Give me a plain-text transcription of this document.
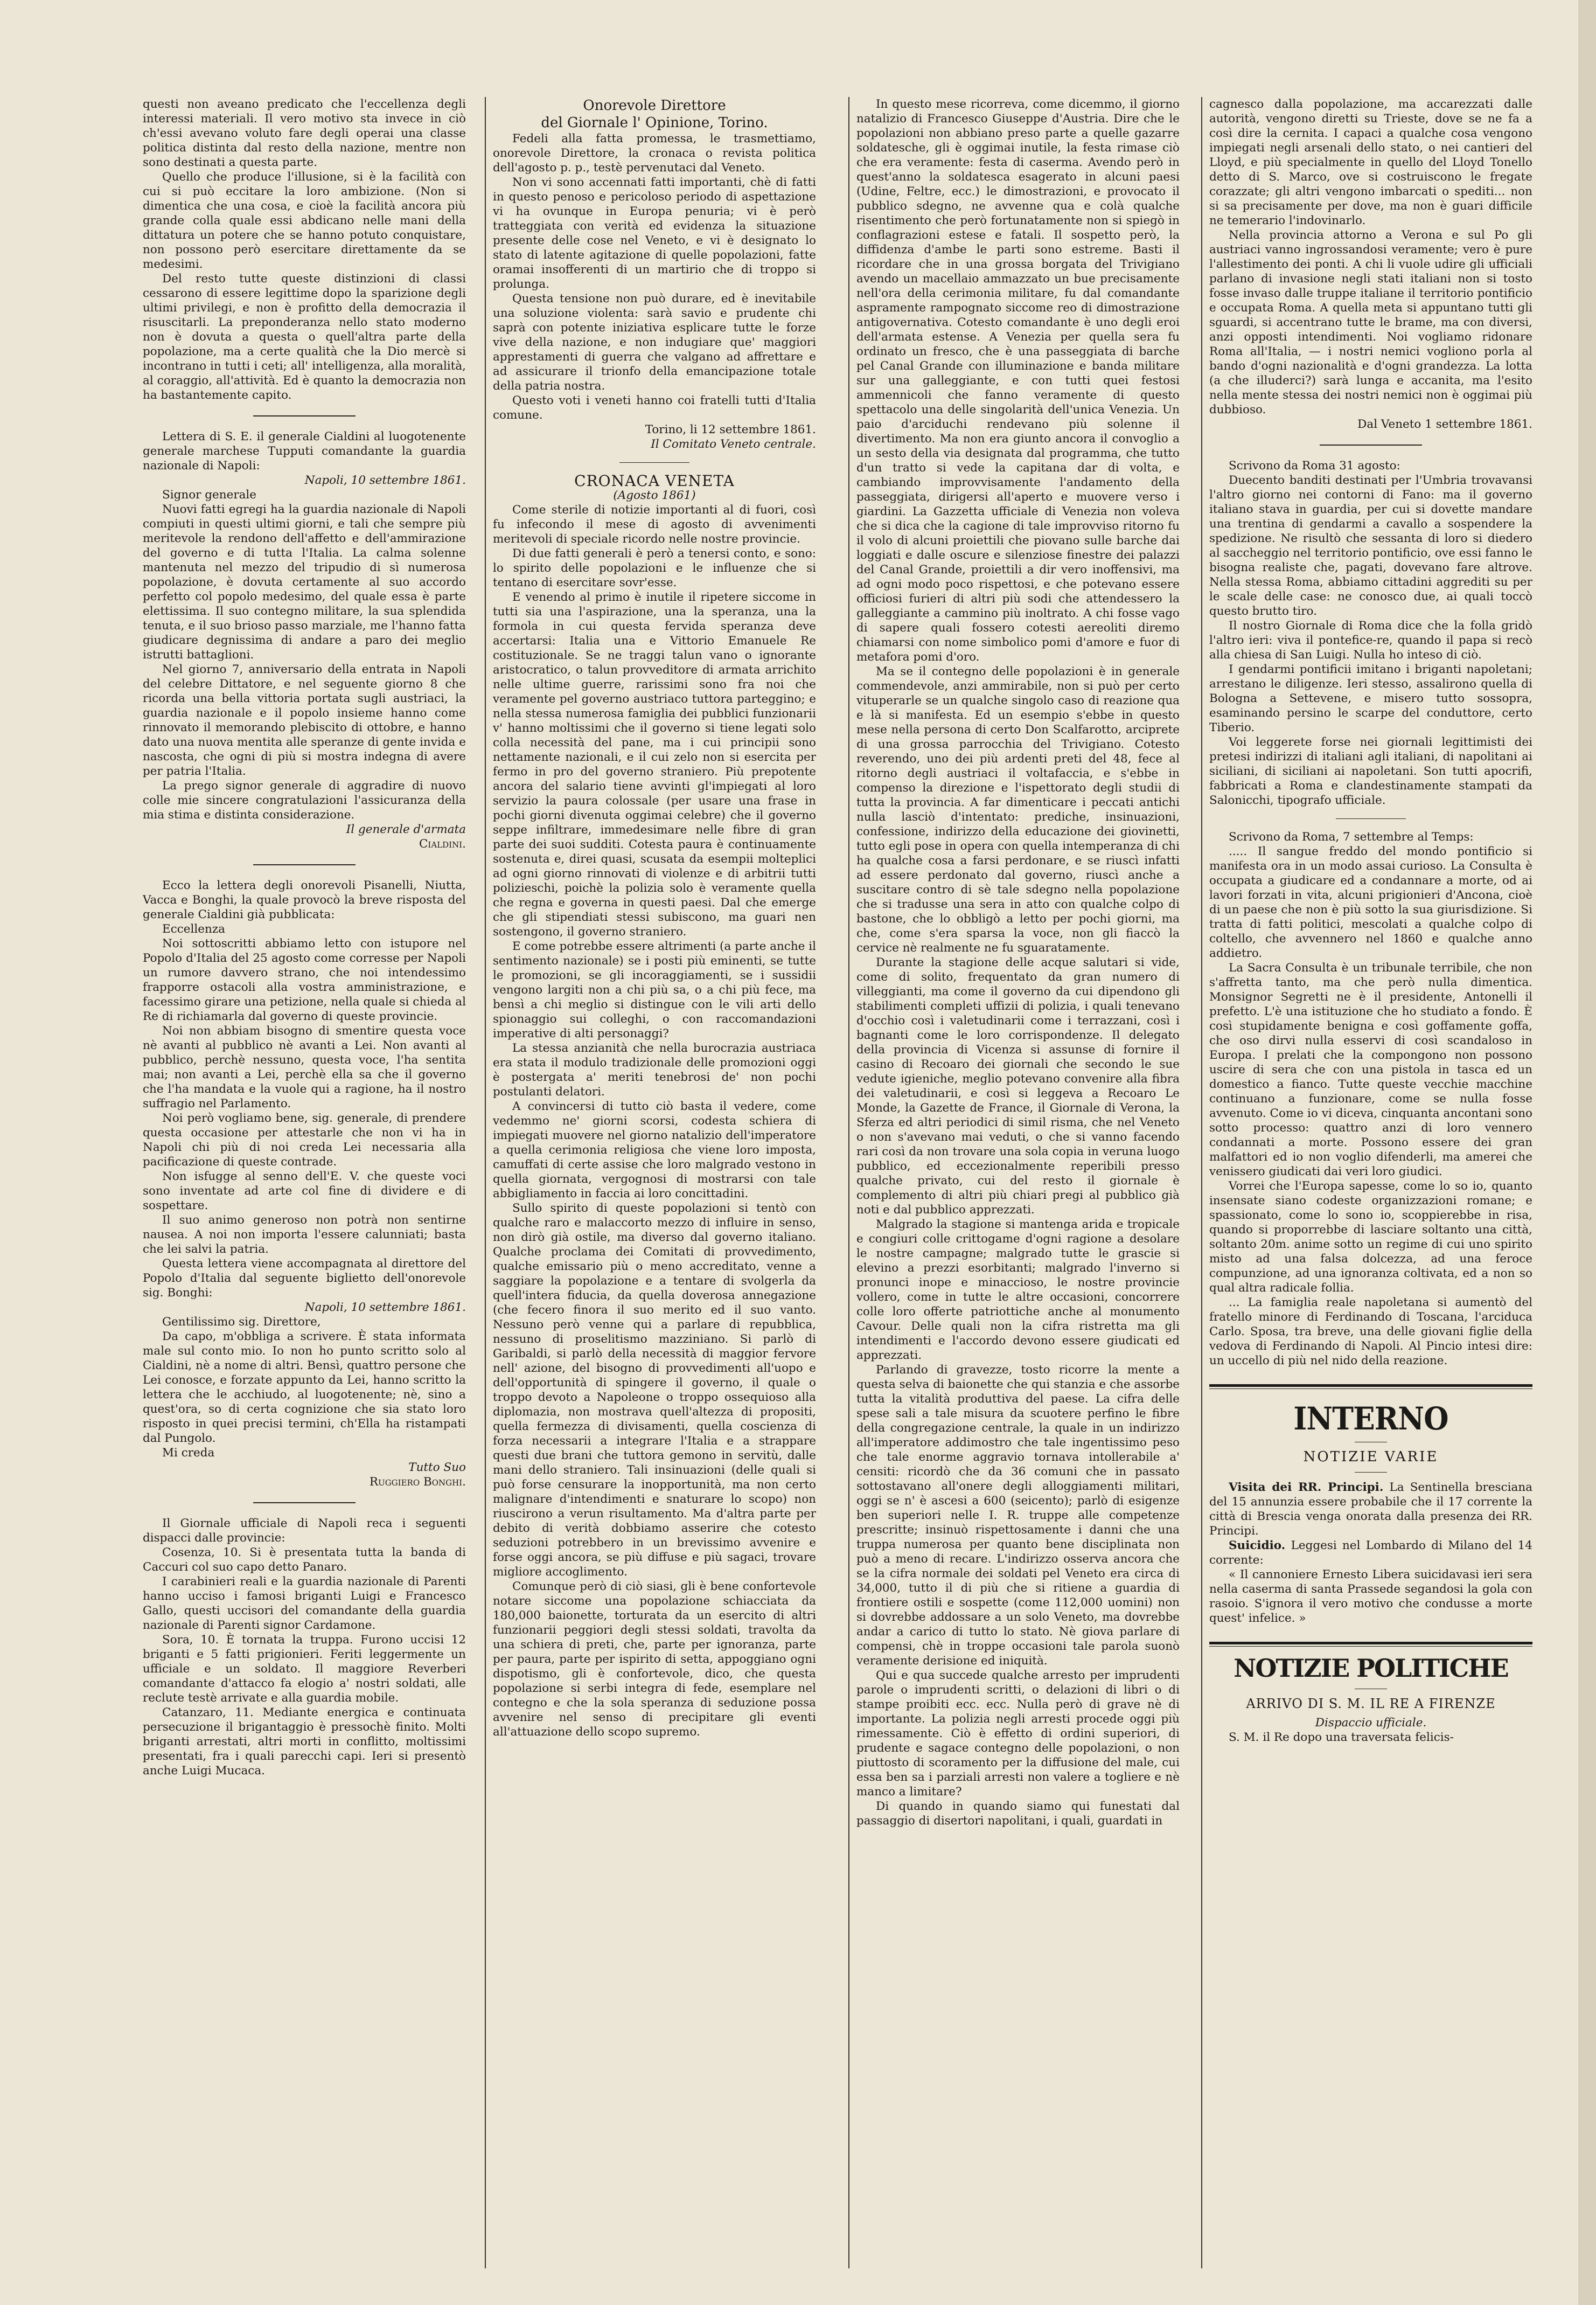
questi non aveano predicato che l'eccellenza degli interessi materiali. Il vero motivo sta invece in ciò ch'essi avevano voluto fare degli operai una classe politica distinta dal resto della nazione, mentre non sono destinati a questa parte.

Quello che produce l'illusione, si è la facilità con cui si può eccitare la loro ambizione. (Non si dimentica che una cosa, e cioè la facilità ancora più grande colla quale essi abdicano nelle mani della dittatura un potere che se hanno potuto conquistare, non possono però esercitare direttamente da se medesimi.

Del resto tutte queste distinzioni di classi cessarono di essere legittime dopo la sparizione degli ultimi privilegi, e non è profitto della democrazia il risuscitarli. La preponderanza nello stato moderno non è dovuta a questa o quell'altra parte della popolazione, ma a certe qualità che la Dio mercè si incontrano in tutti i ceti; all' intelligenza, alla moralità, al coraggio, all'attività. Ed è quanto la democrazia non ha bastantemente capito.

Lettera di S. E. il generale Cialdini al luogotenente generale marchese Tupputi comandante la guardia nazionale di Napoli:

Napoli, 10 settembre 1861.

Signor generale

Nuovi fatti egregi ha la guardia nazionale di Napoli compiuti in questi ultimi giorni, e tali che sempre più meritevole la rendono dell'affetto e dell'ammirazione del governo e di tutta l'Italia. La calma solenne mantenuta nel mezzo del tripudio di sì numerosa popolazione, è dovuta certamente al suo accordo perfetto col popolo medesimo, del quale essa è parte elettissima. Il suo contegno militare, la sua splendida tenuta, e il suo brioso passo marziale, me l'hanno fatta giudicare degnissima di andare a paro dei meglio istrutti battaglioni.

Nel giorno 7, anniversario della entrata in Napoli del celebre Dittatore, e nel seguente giorno 8 che ricorda una bella vittoria portata sugli austriaci, la guardia nazionale e il popolo insieme hanno come rinnovato il memorando plebiscito di ottobre, e hanno dato una nuova mentita alle speranze di gente invida e nascosta, che ogni di più si mostra indegna di avere per patria l'Italia.

La prego signor generale di aggradire di nuovo colle mie sincere congratulazioni l'assicuranza della mia stima e distinta considerazione.

Il generale d'armata

Cialdini.

Ecco la lettera degli onorevoli Pisanelli, Niutta, Vacca e Bonghi, la quale provocò la breve risposta del generale Cialdini già pubblicata:

Eccellenza

Noi sottoscritti abbiamo letto con istupore nel Popolo d'Italia del 25 agosto come corresse per Napoli un rumore davvero strano, che noi intendessimo frapporre ostacoli alla vostra amministrazione, e facessimo girare una petizione, nella quale si chieda al Re di richiamarla dal governo di queste provincie.

Noi non abbiam bisogno di smentire questa voce nè avanti al pubblico nè avanti a Lei. Non avanti al pubblico, perchè nessuno, questa voce, l'ha sentita mai; non avanti a Lei, perchè ella sa che il governo che l'ha mandata e la vuole qui a ragione, ha il nostro suffragio nel Parlamento.

Noi però vogliamo bene, sig. generale, di prendere questa occasione per attestarle che non vi ha in Napoli chi più di noi creda Lei necessaria alla pacificazione di queste contrade.

Non isfugge al senno dell'E. V. che queste voci sono inventate ad arte col fine di dividere e di sospettare.

Il suo animo generoso non potrà non sentirne nausea. A noi non importa l'essere calunniati; basta che lei salvi la patria.

Questa lettera viene accompagnata al direttore del Popolo d'Italia dal seguente biglietto dell'onorevole sig. Bonghi:

Napoli, 10 settembre 1861.

Gentilissimo sig. Direttore,

Da capo, m'obbliga a scrivere. È stata informata male sul conto mio. Io non ho punto scritto solo al Cialdini, nè a nome di altri. Bensì, quattro persone che Lei conosce, e forzate appunto da Lei, hanno scritto la lettera che le acchiudo, al luogotenente; nè, sino a quest'ora, so di certa cognizione che sia stato loro risposto in quei precisi termini, ch'Ella ha ristampati dal Pungolo.

Mi creda

Tutto Suo

Ruggiero Bonghi.

Il Giornale ufficiale di Napoli reca i seguenti dispacci dalle provincie:

Cosenza, 10. Si è presentata tutta la banda di Caccuri col suo capo detto Panaro.

I carabinieri reali e la guardia nazionale di Parenti hanno ucciso i famosi briganti Luigi e Francesco Gallo, questi uccisori del comandante della guardia nazionale di Parenti signor Cardamone.

Sora, 10. È tornata la truppa. Furono uccisi 12 briganti e 5 fatti prigionieri. Feriti leggermente un ufficiale e un soldato. Il maggiore Reverberi comandante d'attacco fa elogio a' nostri soldati, alle reclute testè arrivate e alla guardia mobile.

Catanzaro, 11. Mediante energica e continuata persecuzione il brigantaggio è pressochè finito. Molti briganti arrestati, altri morti in conflitto, moltissimi presentati, fra i quali parecchi capi. Ieri si presentò anche Luigi Mucaca.

Onorevole Direttore

del Giornale l' Opinione, Torino.

Fedeli alla fatta promessa, le trasmettiamo, onorevole Direttore, la cronaca o revista politica dell'agosto p. p., testè pervenutaci dal Veneto.

Non vi sono accennati fatti importanti, chè di fatti in questo penoso e pericoloso periodo di aspettazione vi ha ovunque in Europa penuria; vi è però tratteggiata con verità ed evidenza la situazione presente delle cose nel Veneto, e vi è designato lo stato di latente agitazione di quelle popolazioni, fatte oramai insofferenti di un martirio che di troppo si prolunga.

Questa tensione non può durare, ed è inevitabile una soluzione violenta: sarà savio e prudente chi saprà con potente iniziativa esplicare tutte le forze vive della nazione, e non indugiare que' maggiori apprestamenti di guerra che valgano ad affrettare e ad assicurare il trionfo della emancipazione totale della patria nostra.

Questo voti i veneti hanno coi fratelli tutti d'Italia comune.

Torino, li 12 settembre 1861.

Il Comitato Veneto centrale.

CRONACA VENETA

(Agosto 1861)

Come sterile di notizie importanti al di fuori, così fu infecondo il mese di agosto di avvenimenti meritevoli di speciale ricordo nelle nostre provincie.

Di due fatti generali è però a tenersi conto, e sono: lo spirito delle popolazioni e le influenze che si tentano di esercitare sovr'esse.

E venendo al primo è inutile il ripetere siccome in tutti sia una l'aspirazione, una la speranza, una la formola in cui questa fervida speranza deve accertarsi: Italia una e Vittorio Emanuele Re costituzionale. Se ne traggi talun vano o ignorante aristocratico, o talun provveditore di armata arrichito nelle ultime guerre, rarissimi sono fra noi che veramente pel governo austriaco tuttora parteggino; e nella stessa numerosa famiglia dei pubblici funzionarii v' hanno moltissimi che il governo si tiene legati solo colla necessità del pane, ma i cui principii sono nettamente nazionali, e il cui zelo non si esercita per fermo in pro del governo straniero. Più prepotente ancora del salario tiene avvinti gl'impiegati al loro servizio la paura colossale (per usare una frase in pochi giorni divenuta oggimai celebre) che il governo seppe infiltrare, immedesimare nelle fibre di gran parte dei suoi sudditi. Cotesta paura è continuamente sostenuta e, direi quasi, scusata da esempii molteplici ad ogni giorno rinnovati di violenze e di arbitrii tutti polizieschi, poichè la polizia solo è veramente quella che regna e governa in questi paesi. Dal che emerge che gli stipendiati stessi subiscono, ma guari nen sostengono, il governo straniero.

E come potrebbe essere altrimenti (a parte anche il sentimento nazionale) se i posti più eminenti, se tutte le promozioni, se gli incoraggiamenti, se i sussidii vengono largiti non a chi più sa, o a chi più fece, ma bensì a chi meglio si distingue con le vili arti dello spionaggio sui colleghi, o con raccomandazioni imperative di alti personaggi?

La stessa anzianità che nella burocrazia austriaca era stata il modulo tradizionale delle promozioni oggi è postergata a' meriti tenebrosi de' non pochi postulanti delatori.

A convincersi di tutto ciò basta il vedere, come vedemmo ne' giorni scorsi, codesta schiera di impiegati muovere nel giorno natalizio dell'imperatore a quella cerimonia religiosa che viene loro imposta, camuffati di certe assise che loro malgrado vestono in quella giornata, vergognosi di mostrarsi con tale abbigliamento in faccia ai loro concittadini.

Sullo spirito di queste popolazioni si tentò con qualche raro e malaccorto mezzo di influire in senso, non dirò già ostile, ma diverso dal governo italiano. Qualche proclama dei Comitati di provvedimento, qualche emissario più o meno accreditato, venne a saggiare la popolazione e a tentare di svolgerla da quell'intera fiducia, da quella doverosa annegazione (che fecero finora il suo merito ed il suo vanto. Nessuno però venne qui a parlare di repubblica, nessuno di proselitismo mazziniano. Si parlò di Garibaldi, si parlò della necessità di maggior fervore nell' azione, del bisogno di provvedimenti all'uopo e dell'opportunità di spingere il governo, il quale o troppo devoto a Napoleone o troppo ossequioso alla diplomazia, non mostrava quell'altezza di propositi, quella fermezza di divisamenti, quella coscienza di forza necessarii a integrare l'Italia e a strappare questi due brani che tuttora gemono in servitù, dalle mani dello straniero. Tali insinuazioni (delle quali si può forse censurare la inopportunità, ma non certo malignare d'intendimenti e snaturare lo scopo) non riuscirono a verun risultamento. Ma d'altra parte per debito di verità dobbiamo asserire che cotesto seduzioni potrebbero in un brevissimo avvenire e forse oggi ancora, se più diffuse e più sagaci, trovare migliore accoglimento.

Comunque però di ciò siasi, gli è bene confortevole notare siccome una popolazione schiacciata da 180,000 baionette, torturata da un esercito di altri funzionarii peggiori degli stessi soldati, travolta da una schiera di preti, che, parte per ignoranza, parte per paura, parte per ispirito di setta, appoggiano ogni dispotismo, gli è confortevole, dico, che questa popolazione si serbi integra di fede, esemplare nel contegno e che la sola speranza di seduzione possa avvenire nel senso di precipitare gli eventi all'attuazione dello scopo supremo.

In questo mese ricorreva, come dicemmo, il giorno natalizio di Francesco Giuseppe d'Austria. Dire che le popolazioni non abbiano preso parte a quelle gazarre soldatesche, gli è oggimai inutile, la festa rimase ciò che era veramente: festa di caserma. Avendo però in quest'anno la soldatesca esagerato in alcuni paesi (Udine, Feltre, ecc.) le dimostrazioni, e provocato il pubblico sdegno, ne avvenne qua e colà qualche risentimento che però fortunatamente non si spiegò in conflagrazioni estese e fatali. Il sospetto però, la diffidenza d'ambe le parti sono estreme. Basti il ricordare che in una grossa borgata del Trivigiano avendo un macellaio ammazzato un bue precisamente nell'ora della cerimonia militare, fu dal comandante aspramente rampognato siccome reo di dimostrazione antigovernativa. Cotesto comandante è uno degli eroi dell'armata estense. A Venezia per quella sera fu ordinato un fresco, che è una passeggiata di barche pel Canal Grande con illuminazione e banda militare sur una galleggiante, e con tutti quei festosi ammennicoli che fanno veramente di questo spettacolo una delle singolarità dell'unica Venezia. Un paio d'arciduchi rendevano più solenne il divertimento. Ma non era giunto ancora il convoglio a un sesto della via designata dal programma, che tutto d'un tratto si vede la capitana dar di volta, e cambiando improvvisamente l'andamento della passeggiata, dirigersi all'aperto e muovere verso i giardini. La Gazzetta ufficiale di Venezia non voleva che si dica che la cagione di tale improvviso ritorno fu il volo di alcuni proiettili che piovano sulle barche dai loggiati e dalle oscure e silenziose finestre dei palazzi del Canal Grande, proiettili a dir vero inoffensivi, ma ad ogni modo poco rispettosi, e che potevano essere officiosi furieri di altri più sodi che attendessero la galleggiante a cammino più inoltrato. A chi fosse vago di sapere quali fossero cotesti aereoliti diremo chiamarsi con nome simbolico pomi d'amore e fuor di metafora pomi d'oro.

Ma se il contegno delle popolazioni è in generale commendevole, anzi ammirabile, non si può per certo vituperarle se un qualche singolo caso di reazione qua e là si manifesta. Ed un esempio s'ebbe in questo mese nella persona di certo Don Scalfarotto, arciprete di una grossa parrocchia del Trivigiano. Cotesto reverendo, uno dei più ardenti preti del 48, fece al ritorno degli austriaci il voltafaccia, e s'ebbe in compenso la direzione e l'ispettorato degli studii di tutta la provincia. A far dimenticare i peccati antichi nulla lasciò d'intentato: prediche, insinuazioni, confessione, indirizzo della educazione dei giovinetti, tutto egli pose in opera con quella intemperanza di chi ha qualche cosa a farsi perdonare, e se riuscì infatti ad essere perdonato dal governo, riuscì anche a suscitare contro di sè tale sdegno nella popolazione che si tradusse una sera in atto con qualche colpo di bastone, che lo obbligò a letto per pochi giorni, ma che, come s'era sparsa la voce, non gli fiaccò la cervice nè realmente ne fu sguaratamente.

Durante la stagione delle acque salutari si vide, come di solito, frequentato da gran numero di villeggianti, ma come il governo da cui dipendono gli stabilimenti completi uffizii di polizia, i quali tenevano d'occhio così i valetudinarii come i terrazzani, così i bagnanti come le loro corrispondenze. Il delegato della provincia di Vicenza si assunse di fornire il casino di Recoaro dei giornali che secondo le sue vedute igieniche, meglio potevano convenire alla fibra dei valetudinarii, e così si leggeva a Recoaro Le Monde, la Gazette de France, il Giornale di Verona, la Sferza ed altri periodici di simil risma, che nel Veneto o non s'avevano mai veduti, o che si vanno facendo rari così da non trovare una sola copia in veruna luogo pubblico, ed eccezionalmente reperibili presso qualche privato, cui del resto il giornale è complemento di altri più chiari pregi al pubblico già noti e dal pubblico apprezzati.

Malgrado la stagione si mantenga arida e tropicale e congiuri colle crittogame d'ogni ragione a desolare le nostre campagne; malgrado tutte le grascie si elevino a prezzi esorbitanti; malgrado l'inverno si pronunci inope e minaccioso, le nostre provincie vollero, come in tutte le altre occasioni, concorrere colle loro offerte patriottiche anche al monumento Cavour. Delle quali non la cifra ristretta ma gli intendimenti e l'accordo devono essere giudicati ed apprezzati.

Parlando di gravezze, tosto ricorre la mente a questa selva di baionette che qui stanzia e che assorbe tutta la vitalità produttiva del paese. La cifra delle spese sali a tale misura da scuotere perfino le fibre della congregazione centrale, la quale in un indirizzo all'imperatore addimostro che tale ingentissimo peso che tale enorme aggravio tornava intollerabile a' censiti: ricordò che da 36 comuni che in passato sottostavano all'onere degli alloggiamenti militari, oggi se n' è ascesi a 600 (seicento); parlò di esigenze ben superiori nelle I. R. truppe alle competenze prescritte; insinuò rispettosamente i danni che una truppa numerosa per quanto bene disciplinata non può a meno di recare. L'indirizzo osserva ancora che se la cifra normale dei soldati pel Veneto era circa di 34,000, tutto il di più che si ritiene a guardia di frontiere ostili e sospette (come 112,000 uomini) non si dovrebbe addossare a un solo Veneto, ma dovrebbe andar a carico di tutto lo stato. Nè giova parlare di compensi, chè in troppe occasioni tale parola suonò veramente derisione ed iniquità.

Qui e qua succede qualche arresto per imprudenti parole o imprudenti scritti, o delazioni di libri o di stampe proibiti ecc. ecc. Nulla però di grave nè di importante. La polizia negli arresti procede oggi più rimessamente. Ciò è effetto di ordini superiori, di prudente e sagace contegno delle popolazioni, o non piuttosto di scoramento per la diffusione del male, cui essa ben sa i parziali arresti non valere a togliere e nè manco a limitare?

Di quando in quando siamo qui funestati dal passaggio di disertori napolitani, i quali, guardati in

cagnesco dalla popolazione, ma accarezzati dalle autorità, vengono diretti su Trieste, dove se ne fa a così dire la cernita. I capaci a qualche cosa vengono impiegati negli arsenali dello stato, o nei cantieri del Lloyd, e più specialmente in quello del Lloyd Tonello detto di S. Marco, ove si costruiscono le fregate corazzate; gli altri vengono imbarcati o spediti... non si sa precisamente per dove, ma non è guari difficile ne temerario l'indovinarlo.

Nella provincia attorno a Verona e sul Po gli austriaci vanno ingrossandosi veramente; vero è pure l'allestimento dei ponti. A chi li vuole udire gli ufficiali parlano di invasione negli stati italiani non si tosto fosse invaso dalle truppe italiane il territorio pontificio e occupata Roma. A quella meta si appuntano tutti gli sguardi, si accentrano tutte le brame, ma con diversi, anzi opposti intendimenti. Noi vogliamo ridonare Roma all'Italia, — i nostri nemici vogliono porla al bando d'ogni nazionalità e d'ogni grandezza. La lotta (a che illuderci?) sarà lunga e accanita, ma l'esito nella mente stessa dei nostri nemici non è oggimai più dubbioso.

Dal Veneto 1 settembre 1861.

Scrivono da Roma 31 agosto:

Duecento banditi destinati per l'Umbria trovavansi l'altro giorno nei contorni di Fano: ma il governo italiano stava in guardia, per cui si dovette mandare una trentina di gendarmi a cavallo a sospendere la spedizione. Ne risultò che sessanta di loro si diedero al saccheggio nel territorio pontificio, ove essi fanno le bisogna realiste che, pagati, dovevano fare altrove. Nella stessa Roma, abbiamo cittadini aggrediti su per le scale delle case: ne conosco due, ai quali toccò questo brutto tiro.

Il nostro Giornale di Roma dice che la folla gridò l'altro ieri: viva il pontefice-re, quando il papa si recò alla chiesa di San Luigi. Nulla ho inteso di ciò.

I gendarmi pontificii imitano i briganti napoletani; arrestano le diligenze. Ieri stesso, assalirono quella di Bologna a Settevene, e misero tutto sossopra, esaminando persino le scarpe del conduttore, certo Tiberio.

Voi leggerete forse nei giornali legittimisti dei pretesi indirizzi di italiani agli italiani, di napolitani ai siciliani, di siciliani ai napoletani. Son tutti apocrifi, fabbricati a Roma e clandestinamente stampati da Salonicchi, tipografo ufficiale.

Scrivono da Roma, 7 settembre al Temps:

..... Il sangue freddo del mondo pontificio si manifesta ora in un modo assai curioso. La Consulta è occupata a giudicare ed a condannare a morte, od ai lavori forzati in vita, alcuni prigionieri d'Ancona, cioè di un paese che non è più sotto la sua giurisdizione. Si tratta di fatti politici, mescolati a qualche colpo di coltello, che avvennero nel 1860 e qualche anno addietro.

La Sacra Consulta è un tribunale terribile, che non s'affretta tanto, ma che però nulla dimentica. Monsignor Segretti ne è il presidente, Antonelli il prefetto. L'è una istituzione che ho studiato a fondo. È così stupidamente benigna e così goffamente goffa, che oso dirvi nulla esservi di così scandaloso in Europa. I prelati che la compongono non possono uscire di sera che con una pistola in tasca ed un domestico a fianco. Tutte queste vecchie macchine continuano a funzionare, come se nulla fosse avvenuto. Come io vi diceva, cinquanta ancontani sono sotto processo: quattro anzi di loro vennero condannati a morte. Possono essere dei gran malfattori ed io non voglio difenderli, ma amerei che venissero giudicati dai veri loro giudici.

Vorrei che l'Europa sapesse, come lo so io, quanto insensate siano codeste organizzazioni romane; e spassionato, come lo sono io, scoppierebbe in risa, quando si proporrebbe di lasciare soltanto una città, soltanto 20m. anime sotto un regime di cui uno spirito misto ad una falsa dolcezza, ad una feroce compunzione, ad una ignoranza coltivata, ed a non so qual altra radicale follia.

... La famiglia reale napoletana si aumentò del fratello minore di Ferdinando di Toscana, l'arciduca Carlo. Sposa, tra breve, una delle giovani figlie della vedova di Ferdinando di Napoli. Al Pincio intesi dire: un uccello di più nel nido della reazione.

INTERNO
NOTIZIE VARIE

Visita dei RR. Principi. La Sentinella bresciana del 15 annunzia essere probabile che il 17 corrente la città di Brescia venga onorata dalla presenza dei RR. Principi.

Suicidio. Leggesi nel Lombardo di Milano del 14 corrente:

« Il cannoniere Ernesto Libera suicidavasi ieri sera nella caserma di santa Prassede segandosi la gola con rasoio. S'ignora il vero motivo che condusse a morte quest' infelice. »

NOTIZIE POLITICHE
ARRIVO DI S. M. IL RE A FIRENZE

Dispaccio ufficiale.

S. M. il Re dopo una traversata felicis-
